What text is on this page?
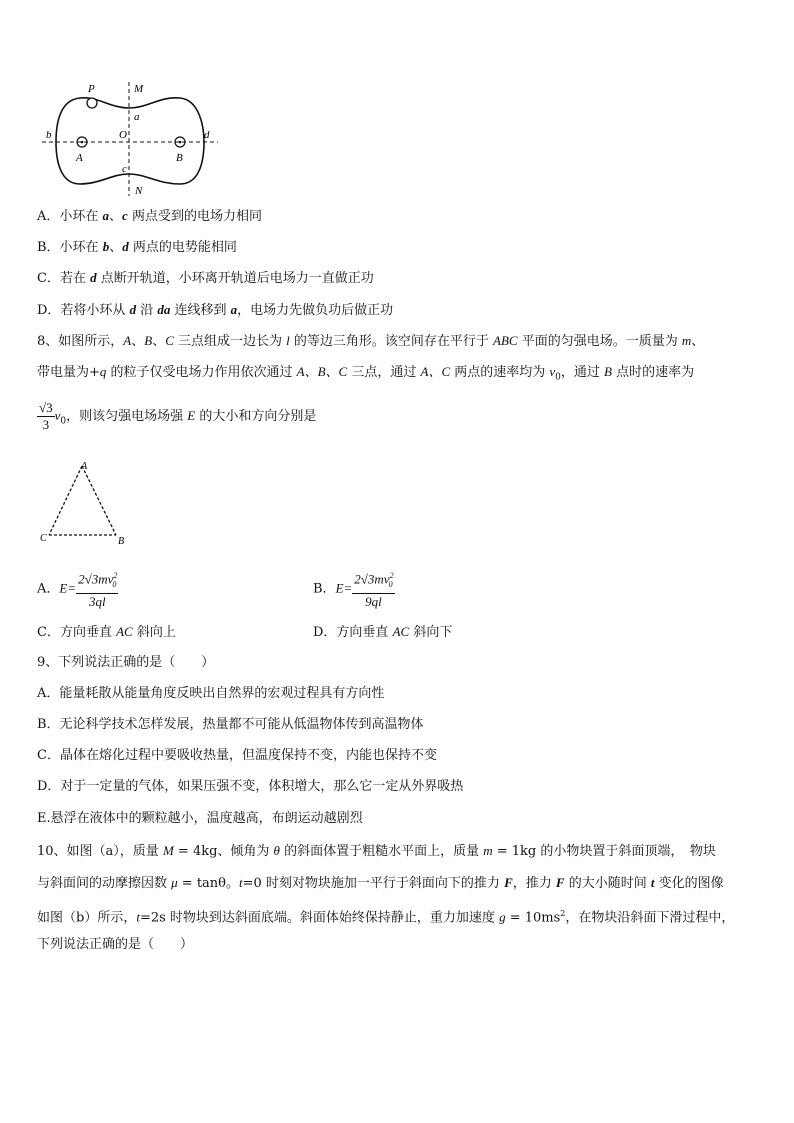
P	M
a
b	O	d
A	B
c
N
A．小环在 a、c 两点受到的电场力相同
B．小环在 b、d 两点的电势能相同
C．若在 d 点断开轨道，小环离开轨道后电场力一直做正功
D．若将小环从 d 沿 da 连线移到 a，电场力先做负功后做正功
8、如图所示，A、B、C 三点组成一边长为 l 的等边三角形。该空间存在平行于 ABC 平面的匀强电场。一质量为 m、
带电量为+q 的粒子仅受电场力作用依次通过 A、B、C 三点，通过 A、C 两点的速率均为 $v_0$，通过 B 点时的速率为
$\frac{√3}{3} v_0$，则该匀强电场场强 E 的大小和方向分别是
A
C	B
A．$E= \frac{2√3mv^2_0}{3ql}$	B．$E= \frac{2√3mv^2_0}{9ql}$
C．方向垂直 AC 斜向上	D．方向垂直 AC 斜向下
9、下列说法正确的是（　　）
A．能量耗散从能量角度反映出自然界的宏观过程具有方向性
B．无论科学技术怎样发展，热量都不可能从低温物体传到高温物体
C．晶体在熔化过程中要吸收热量，但温度保持不变，内能也保持不变
D．对于一定量的气体，如果压强不变，体积增大，那么它一定从外界吸热
E.悬浮在液体中的颗粒越小，温度越高，布朗运动越剧烈
10、如图（a），质量 M = 4kg、倾角为 θ 的斜面体置于粗糙水平面上，质量 m = 1kg 的小物块置于斜面顶端，　物块
与斜面间的动摩擦因数 μ = tanθ。t=0 时刻对物块施加一平行于斜面向下的推力 F，推力 F 的大小随时间 t 变化的图像
如图（b）所示，t=2s 时物块到达斜面底端。斜面体始终保持静止，重力加速度 $g = 10ms^2$，在物块沿斜面下滑过程中，
下列说法正确的是（　　）
